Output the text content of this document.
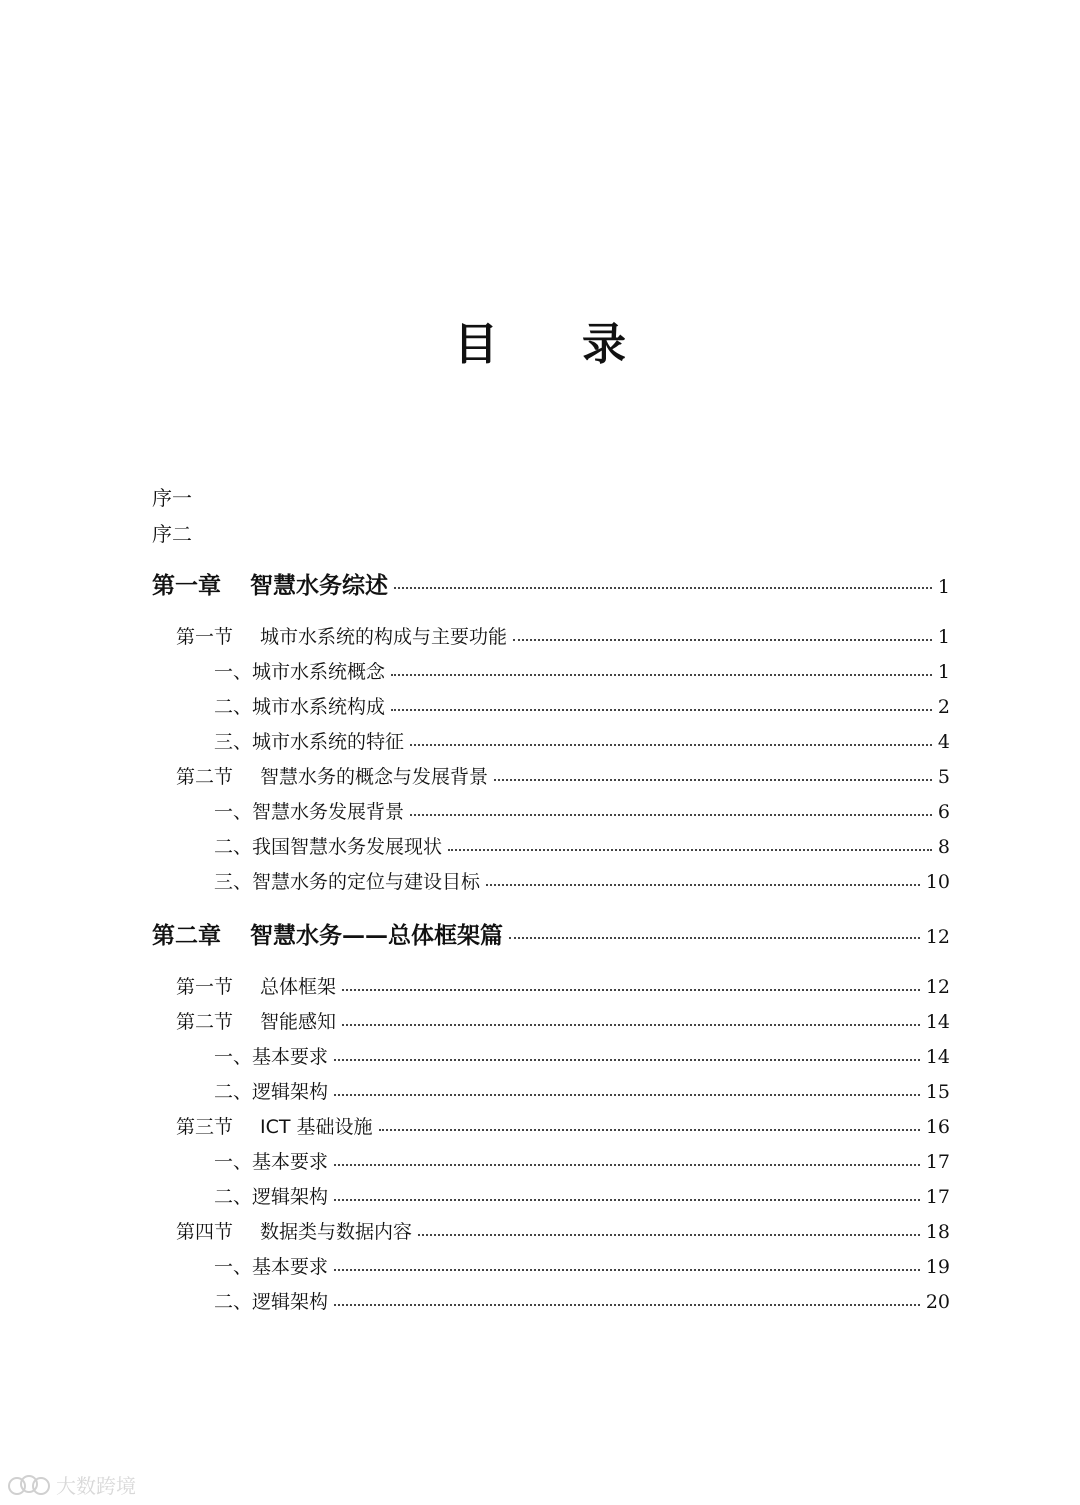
目 录
序一
序二
第一章 智慧水务综述	1
第一节 城市水系统的构成与主要功能	1
一、城市水系统概念	1
二、城市水系统构成	2
三、城市水系统的特征	4
第二节 智慧水务的概念与发展背景	5
一、智慧水务发展背景	6
二、我国智慧水务发展现状	8
三、智慧水务的定位与建设目标	10
第二章 智慧水务——总体框架篇	12
第一节 总体框架	12
第二节 智能感知	14
一、基本要求	14
二、逻辑架构	15
第三节 ICT 基础设施	16
一、基本要求	17
二、逻辑架构	17
第四节 数据类与数据内容	18
一、基本要求	19
二、逻辑架构	20
大数跨境
